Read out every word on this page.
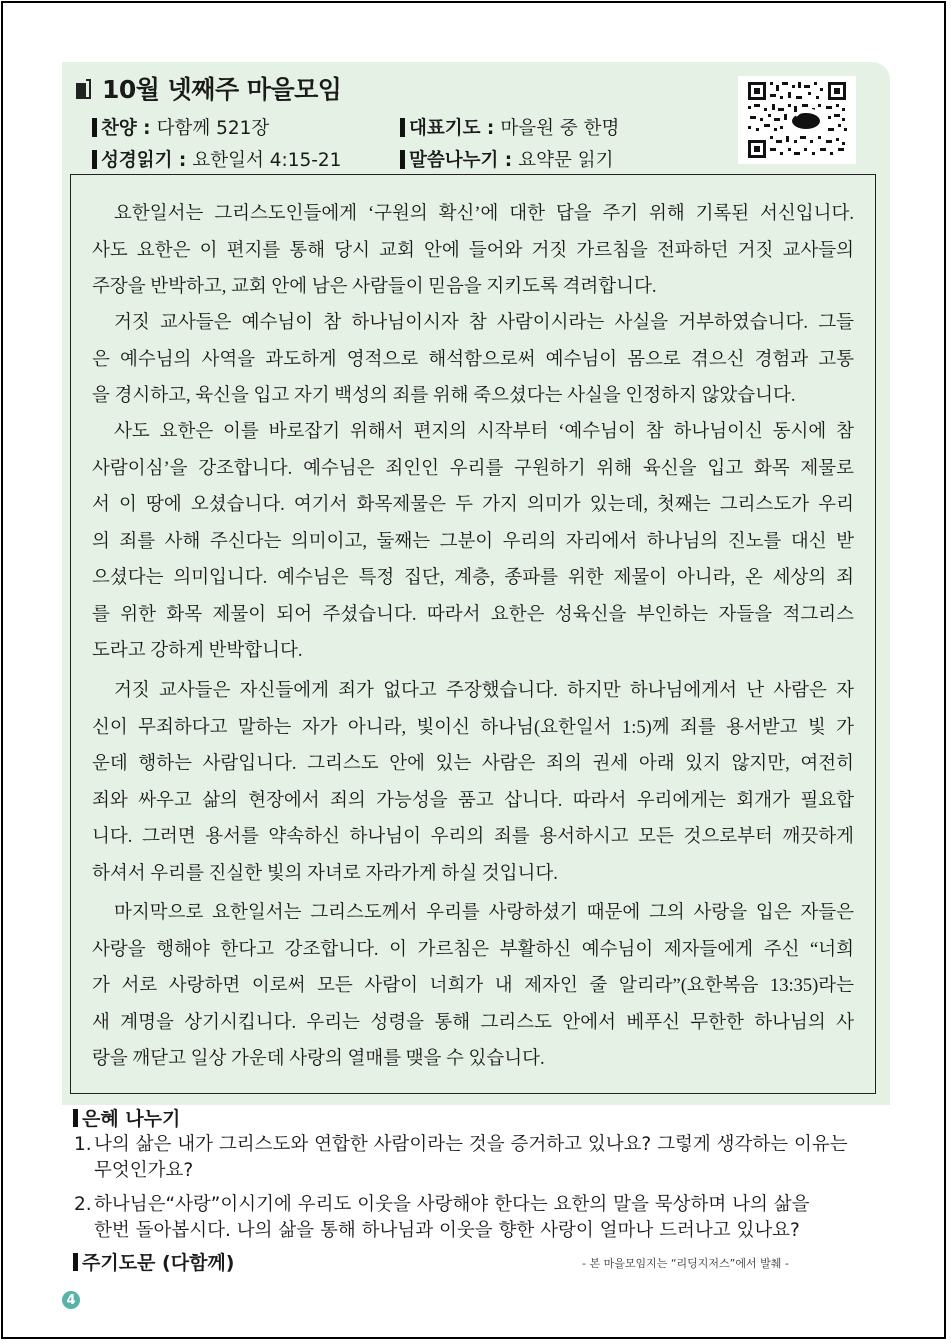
10월 넷째주 마을모임
찬양 : 다함께 521장	대표기도 : 마을원 중 한명
성경읽기 : 요한일서 4:15-21	말씀나누기 : 요약문 읽기
요한일서는 그리스도인들에게 ‘구원의 확신’에 대한 답을 주기 위해 기록된 서신입니다.
사도 요한은 이 편지를 통해 당시 교회 안에 들어와 거짓 가르침을 전파하던 거짓 교사들의
주장을 반박하고, 교회 안에 남은 사람들이 믿음을 지키도록 격려합니다.
거짓 교사들은 예수님이 참 하나님이시자 참 사람이시라는 사실을 거부하였습니다. 그들
은 예수님의 사역을 과도하게 영적으로 해석함으로써 예수님이 몸으로 겪으신 경험과 고통
을 경시하고, 육신을 입고 자기 백성의 죄를 위해 죽으셨다는 사실을 인정하지 않았습니다.
사도 요한은 이를 바로잡기 위해서 편지의 시작부터 ‘예수님이 참 하나님이신 동시에 참
사람이심’을 강조합니다. 예수님은 죄인인 우리를 구원하기 위해 육신을 입고 화목 제물로
서 이 땅에 오셨습니다. 여기서 화목제물은 두 가지 의미가 있는데, 첫째는 그리스도가 우리
의 죄를 사해 주신다는 의미이고, 둘째는 그분이 우리의 자리에서 하나님의 진노를 대신 받
으셨다는 의미입니다. 예수님은 특정 집단, 계층, 종파를 위한 제물이 아니라, 온 세상의 죄
를 위한 화목 제물이 되어 주셨습니다. 따라서 요한은 성육신을 부인하는 자들을 적그리스
도라고 강하게 반박합니다.
거짓 교사들은 자신들에게 죄가 없다고 주장했습니다. 하지만 하나님에게서 난 사람은 자
신이 무죄하다고 말하는 자가 아니라, 빛이신 하나님(요한일서 1:5)께 죄를 용서받고 빛 가
운데 행하는 사람입니다. 그리스도 안에 있는 사람은 죄의 권세 아래 있지 않지만, 여전히
죄와 싸우고 삶의 현장에서 죄의 가능성을 품고 삽니다. 따라서 우리에게는 회개가 필요합
니다. 그러면 용서를 약속하신 하나님이 우리의 죄를 용서하시고 모든 것으로부터 깨끗하게
하셔서 우리를 진실한 빛의 자녀로 자라가게 하실 것입니다.
마지막으로 요한일서는 그리스도께서 우리를 사랑하셨기 때문에 그의 사랑을 입은 자들은
사랑을 행해야 한다고 강조합니다. 이 가르침은 부활하신 예수님이 제자들에게 주신 “너희
가 서로 사랑하면 이로써 모든 사람이 너희가 내 제자인 줄 알리라”(요한복음 13:35)라는
새 계명을 상기시킵니다. 우리는 성령을 통해 그리스도 안에서 베푸신 무한한 하나님의 사
랑을 깨닫고 일상 가운데 사랑의 열매를 맺을 수 있습니다.
은혜 나누기
1. 나의 삶은 내가 그리스도와 연합한 사람이라는 것을 증거하고 있나요? 그렇게 생각하는 이유는
무엇인가요?
2. 하나님은“사랑”이시기에 우리도 이웃을 사랑해야 한다는 요한의 말을 묵상하며 나의 삶을
한번 돌아봅시다. 나의 삶을 통해 하나님과 이웃을 향한 사랑이 얼마나 드러나고 있나요?
주기도문 (다함께)	- 본 마을모임지는 “리딩지저스”에서 발췌 -
4
